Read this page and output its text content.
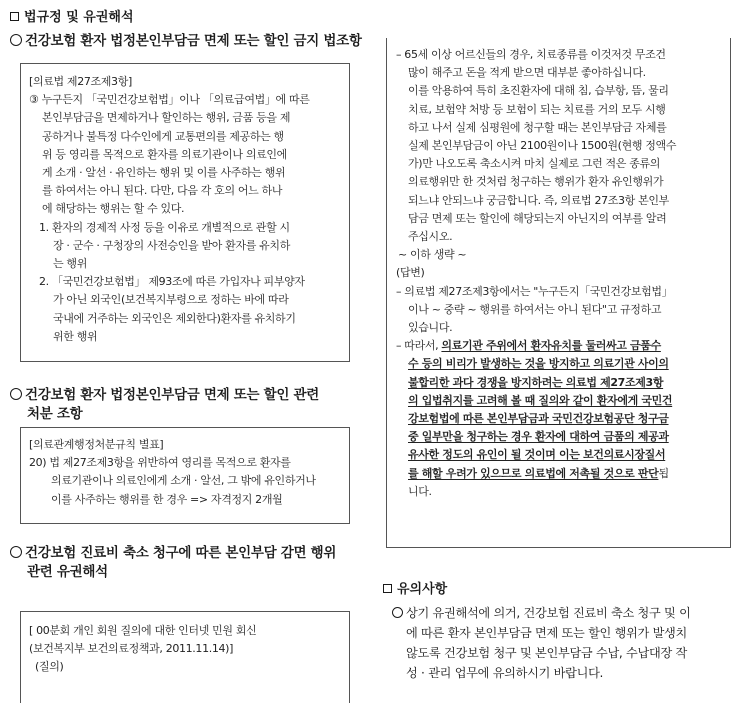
법규정 및 유권해석
건강보험 환자 법정본인부담금 면제 또는 할인 금지 법조항

[의료법 제27조제3항]

③ 누구든지 「국민건강보험법」이나 「의료급여법」에 따른

본인부담금을 면제하거나 할인하는 행위, 금품 등을 제

공하거나 불특정 다수인에게 교통편의를 제공하는 행

위 등 영리를 목적으로 환자를 의료기관이나 의료인에

게 소개 · 알선 · 유인하는 행위 및 이를 사주하는 행위

를 하여서는 아니 된다. 다만, 다음 각 호의 어느 하나

에 해당하는 행위는 할 수 있다.

1. 환자의 경제적 사정 등을 이유로 개별적으로 관할 시

장 · 군수 · 구청장의 사전승인을 받아 환자를 유치하

는 행위

2. 「국민건강보험법」 제93조에 따른 가입자나 피부양자

가 아닌 외국인(보건복지부령으로 정하는 바에 따라

국내에 거주하는 외국인은 제외한다)환자를 유치하기

위한 행위

건강보험 환자 법정본인부담금 면제 또는 할인 관련
처분 조항

[의료관계행정처분규칙 별표]

20) 법 제27조제3항을 위반하여 영리를 목적으로 환자를

의료기관이나 의료인에게 소개 · 알선, 그 밖에 유인하거나

이를 사주하는 행위를 한 경우 => 자격정지 2개월

건강보험 진료비 축소 청구에 따른 본인부담 감면 행위
관련 유권해석

[ 00분회 개인 회원 질의에 대한 인터넷 민원 회신

(보건복지부 보건의료정책과, 2011.11.14)]

(질의)

– 65세 이상 어르신들의 경우, 치료종류를 이것저것 무조건

많이 해주고 돈을 적게 받으면 대부분 좋아하십니다.

이를 악용하여 특히 초진환자에 대해 침, 습부항, 뜸, 물리

치료, 보험약 처방 등 보험이 되는 치료를 거의 모두 시행

하고 나서 실제 심평원에 청구할 때는 본인부담금 자체를

실제 본인부담금이 아닌 2100원이나 1500원(현행 정액수

가)만 나오도록 축소시켜 마치 실제로 그런 적은 종류의

의료행위만 한 것처럼 청구하는 행위가 환자 유인행위가

되느냐 안되느냐 궁금합니다. 즉, 의료법 27조3항 본인부

담금 면제 또는 할인에 해당되는지 아닌지의 여부를 알려

주십시오.

~ 이하 생략 ~

(답변)

– 의료법 제27조제3항에서는 "누구든지「국민건강보험법」

이나 ~ 중략 ~ 행위를 하여서는 아니 된다"고 규정하고

있습니다.

– 따라서, 의료기관 주위에서 환자유치를 둘러싸고 금품수

수 등의 비리가 발생하는 것을 방지하고 의료기관 사이의

불합리한 과다 경쟁을 방지하려는 의료법 제27조제3항

의 입법취지를 고려해 볼 때 질의와 같이 환자에게 국민건

강보험법에 따른 본인부담금과 국민건강보험공단 청구금

중 일부만을 청구하는 경우 환자에 대하여 금품의 제공과

유사한 정도의 유인이 될 것이며 이는 보건의료시장질서

를 해할 우려가 있으므로 의료법에 저촉될 것으로 판단됩

니다.

유의사항

상기 유권해석에 의거, 건강보험 진료비 축소 청구 및 이

에 따른 환자 본인부담금 면제 또는 할인 행위가 발생치

않도록 건강보험 청구 및 본인부담금 수납, 수납대장 작

성 · 관리 업무에 유의하시기 바랍니다.
